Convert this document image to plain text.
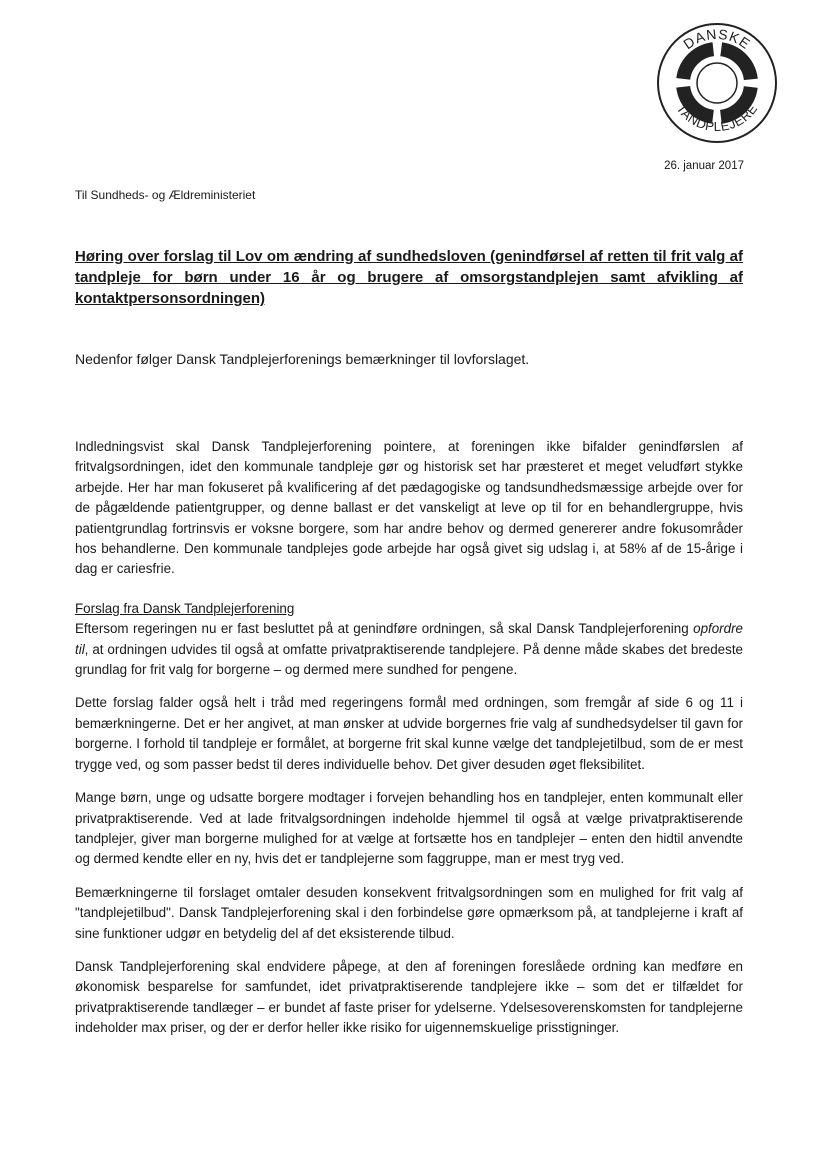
DANSKE
TANDPLEJERE
26. januar 2017
Til Sundheds- og Ældreministeriet
Høring over forslag til Lov om ændring af sundhedsloven (genindførsel af retten til frit valg af tandpleje for børn under 16 år og brugere af omsorgstandplejen samt afvikling af kontaktpersonsordningen)

Nedenfor følger Dansk Tandplejerforenings bemærkninger til lovforslaget.

Indledningsvist skal Dansk Tandplejerforening pointere, at foreningen ikke bifalder genindførslen af fritvalgsordningen, idet den kommunale tandpleje gør og historisk set har præsteret et meget veludført stykke arbejde. Her har man fokuseret på kvalificering af det pædagogiske og tandsundhedsmæssige arbejde over for de pågældende patientgrupper, og denne ballast er det vanskeligt at leve op til for en behandlergruppe, hvis patientgrundlag fortrinsvis er voksne borgere, som har andre behov og dermed genererer andre fokusområder hos behandlerne. Den kommunale tandplejes gode arbejde har også givet sig udslag i, at 58% af de 15-årige i dag er cariesfrie.

Forslag fra Dansk Tandplejerforening

Eftersom regeringen nu er fast besluttet på at genindføre ordningen, så skal Dansk Tandplejerforening opfordre til, at ordningen udvides til også at omfatte privatpraktiserende tandplejere. På denne måde skabes det bredeste grundlag for frit valg for borgerne – og dermed mere sundhed for pengene.

Dette forslag falder også helt i tråd med regeringens formål med ordningen, som fremgår af side 6 og 11 i bemærkningerne. Det er her angivet, at man ønsker at udvide borgernes frie valg af sundhedsydelser til gavn for borgerne. I forhold til tandpleje er formålet, at borgerne frit skal kunne vælge det tandplejetilbud, som de er mest trygge ved, og som passer bedst til deres individuelle behov. Det giver desuden øget fleksibilitet.

Mange børn, unge og udsatte borgere modtager i forvejen behandling hos en tandplejer, enten kommunalt eller privatpraktiserende. Ved at lade fritvalgsordningen indeholde hjemmel til også at vælge privatpraktiserende tandplejer, giver man borgerne mulighed for at vælge at fortsætte hos en tandplejer – enten den hidtil anvendte og dermed kendte eller en ny, hvis det er tandplejerne som faggruppe, man er mest tryg ved.

Bemærkningerne til forslaget omtaler desuden konsekvent fritvalgsordningen som en mulighed for frit valg af "tandplejetilbud". Dansk Tandplejerforening skal i den forbindelse gøre opmærksom på, at tandplejerne i kraft af sine funktioner udgør en betydelig del af det eksisterende tilbud.

Dansk Tandplejerforening skal endvidere påpege, at den af foreningen foreslåede ordning kan medføre en økonomisk besparelse for samfundet, idet privatpraktiserende tandplejere ikke – som det er tilfældet for privatpraktiserende tandlæger – er bundet af faste priser for ydelserne. Ydelsesoverenskomsten for tandplejerne indeholder max priser, og der er derfor heller ikke risiko for uigennemskuelige prisstigninger.
